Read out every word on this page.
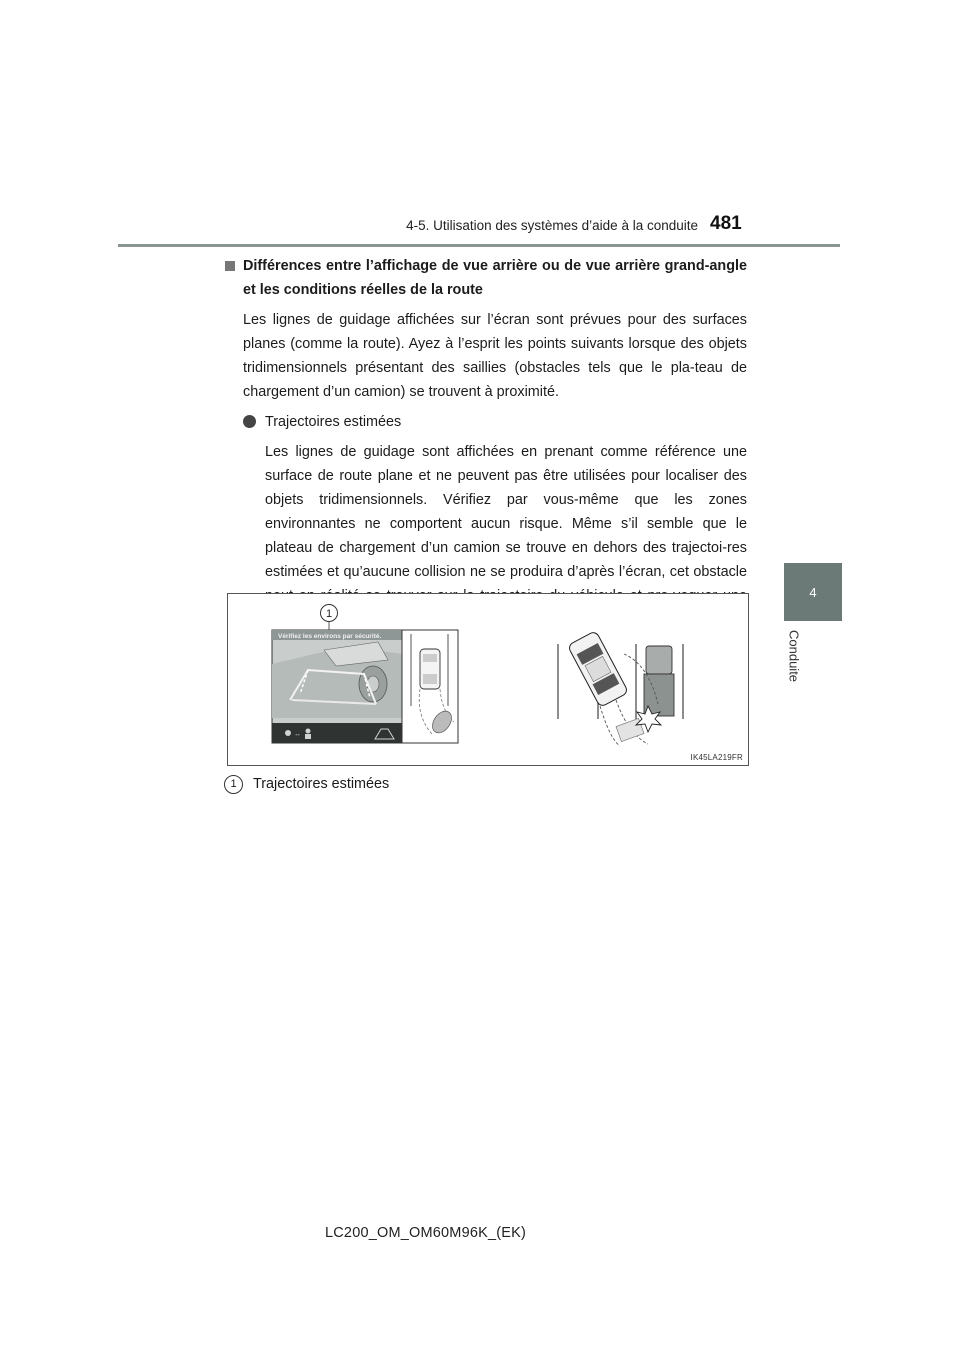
4-5. Utilisation des systèmes d’aide à la conduite 481
4
Conduite
Différences entre l’affichage de vue arrière ou de vue arrière grand-angle et les conditions réelles de la route
Les lignes de guidage affichées sur l’écran sont prévues pour des surfaces planes (comme la route). Ayez à l’esprit les points suivants lorsque des objets tridimensionnels présentant des saillies (obstacles tels que le pla-teau de chargement d’un camion) se trouvent à proximité.
Trajectoires estimées
Les lignes de guidage sont affichées en prenant comme référence une surface de route plane et ne peuvent pas être utilisées pour localiser des objets tridimensionnels. Vérifiez par vous-même que les zones environnantes ne comportent aucun risque. Même s’il semble que le plateau de chargement d’un camion se trouve en dehors des trajectoi-res estimées et qu’aucune collision ne se produira d’après l’écran, cet obstacle
1
Vérifiez les environs par sécurité.
↔
IK45LA219FR
1	Trajectoires estimées
LC200_OM_OM60M96K_(EK)
